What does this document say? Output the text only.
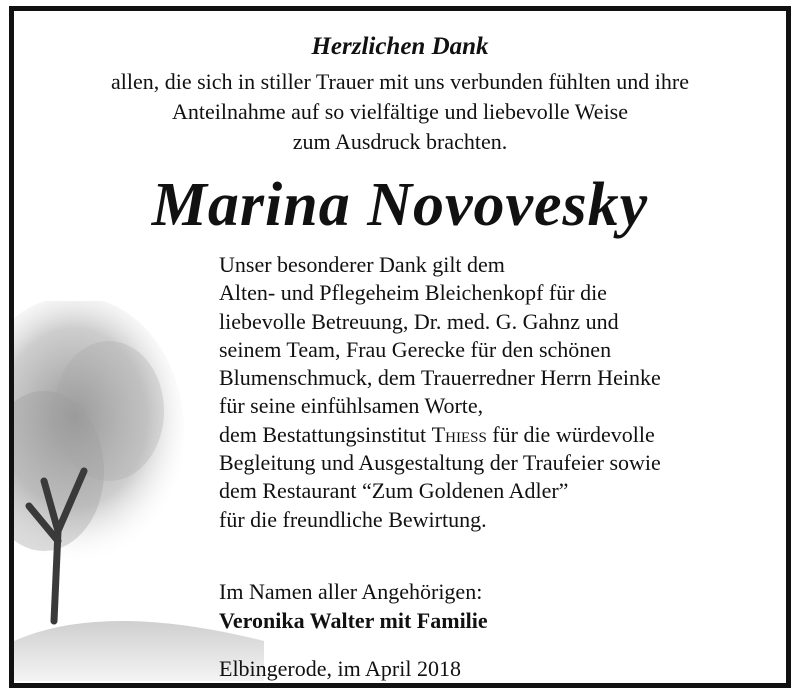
Herzlichen Dank
allen, die sich in stiller Trauer mit uns verbunden fühlten und ihre
Anteilnahme auf so vielfältige und liebevolle Weise
zum Ausdruck brachten.
Marina Novovesky
Unser besonderer Dank gilt dem
Alten- und Pflegeheim Bleichenkopf für die
liebevolle Betreuung, Dr. med. G. Gahnz und
seinem Team, Frau Gerecke für den schönen
Blumenschmuck, dem Trauerredner Herrn Heinke
für seine einfühlsamen Worte,
dem Bestattungsinstitut Thieß für die würdevolle
Begleitung und Ausgestaltung der Traufeier sowie
dem Restaurant “Zum Goldenen Adler”
für die freundliche Bewirtung.
Im Namen aller Angehörigen:
Veronika Walter mit Familie
Elbingerode, im April 2018
